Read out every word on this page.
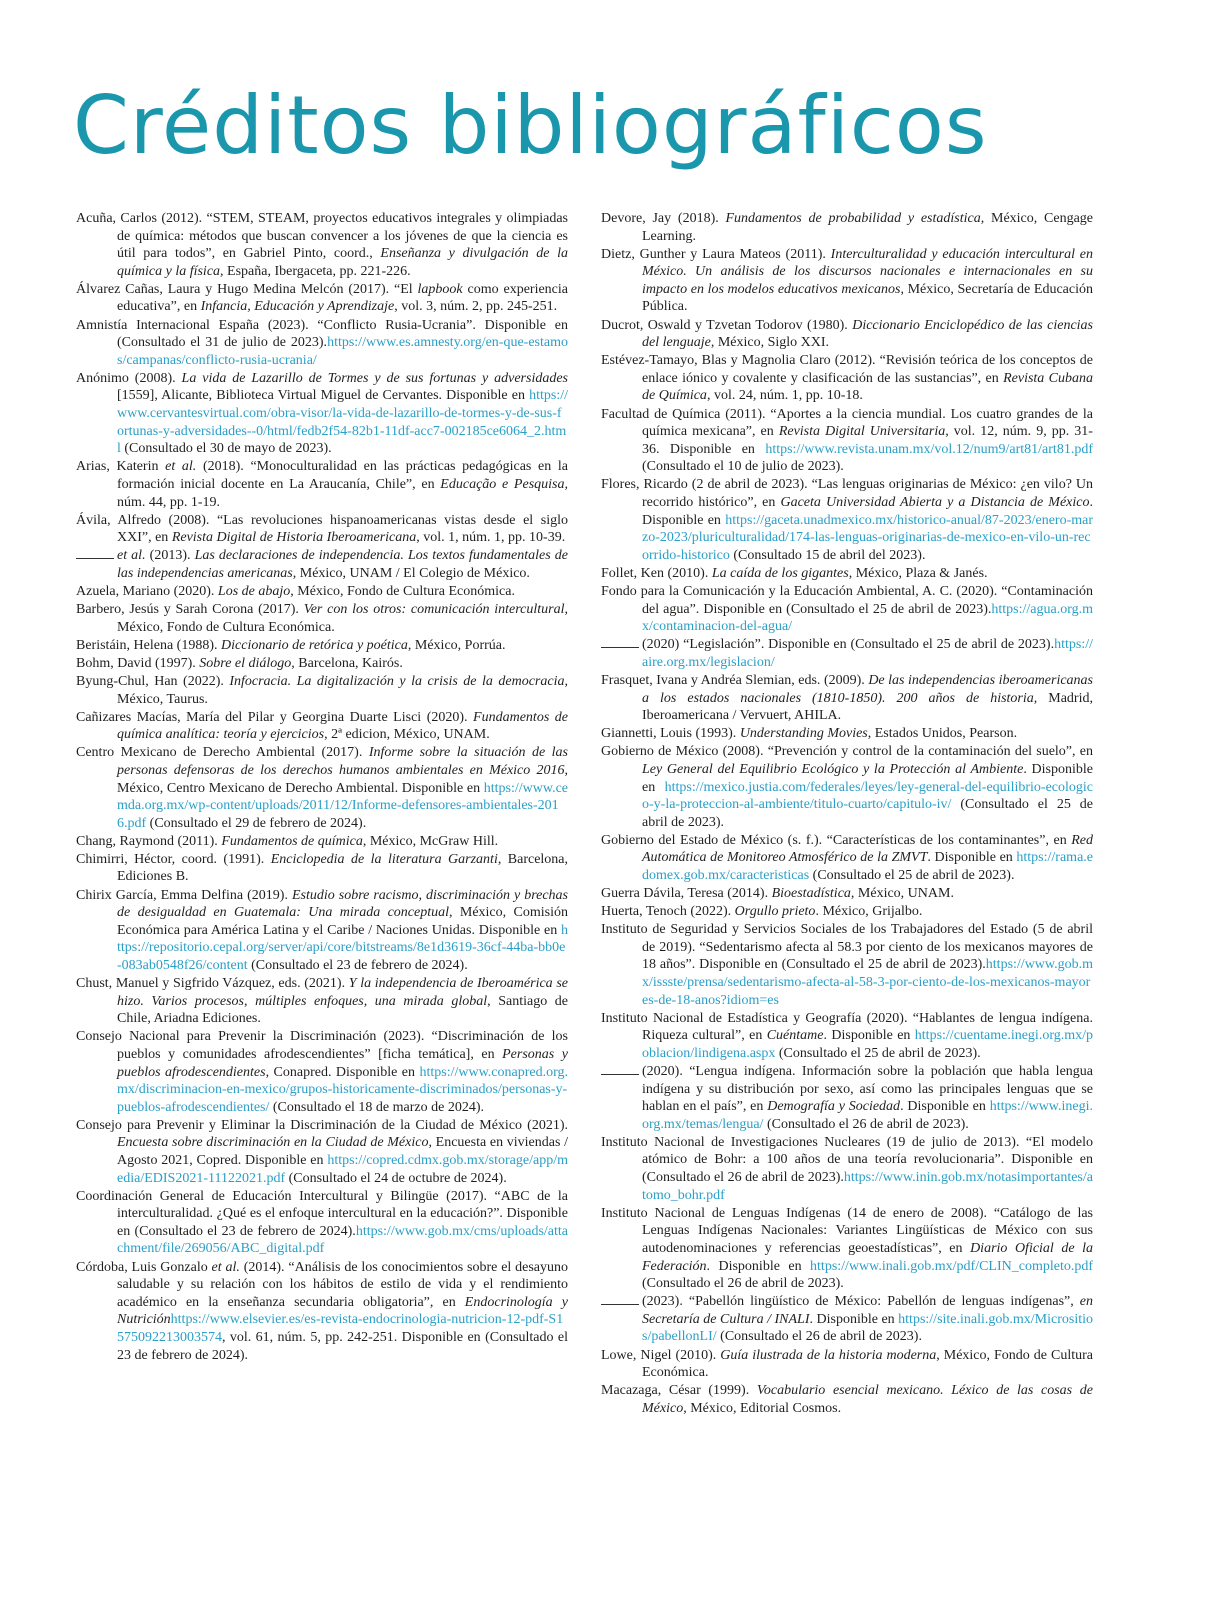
Créditos bibliográficos

Acuña, Carlos (2012). “STEM, STEAM, proyectos educativos integrales y olimpiadas de química: métodos que buscan convencer a los jóvenes de que la ciencia es útil para todos”, en Gabriel Pinto, coord., Enseñanza y divulgación de la química y la física, España, Ibergaceta, pp. 221-226.

Álvarez Cañas, Laura y Hugo Medina Melcón (2017). “El lapbook como experiencia educativa”, en Infancia, Educación y Aprendizaje, vol. 3, núm. 2, pp. 245-251.

Amnistía Internacional España (2023). “Conflicto Rusia-Ucrania”. Disponible en (Consultado el 31 de julio de 2023).https://www.es.amnesty.org/en-que-estamos/campanas/conflicto-rusia-ucrania/

Anónimo (2008). La vida de Lazarillo de Tormes y de sus fortunas y adversidades [1559], Alicante, Biblioteca Virtual Miguel de Cervantes. Disponible en https://www.cervantesvirtual.com/obra-visor/la-vida-de-lazarillo-de-tormes-y-de-sus-fortunas-y-adversidades--0/html/fedb2f54-82b1-11df-acc7-002185ce6064_2.html (Consultado el 30 de mayo de 2023).

Arias, Katerin et al. (2018). “Monoculturalidad en las prácticas pedagógicas en la formación inicial docente en La Araucanía, Chile”, en Educação e Pesquisa, núm. 44, pp. 1-19.

Ávila, Alfredo (2008). “Las revoluciones hispanoamericanas vistas desde el siglo XXI”, en Revista Digital de Historia Iberoamericana, vol. 1, núm. 1, pp. 10-39.

et al. (2013). Las declaraciones de independencia. Los textos fundamentales de las independencias americanas, México, UNAM / El Colegio de México.

Azuela, Mariano (2020). Los de abajo, México, Fondo de Cultura Económica.

Barbero, Jesús y Sarah Corona (2017). Ver con los otros: comunicación intercultural, México, Fondo de Cultura Económica.

Beristáin, Helena (1988). Diccionario de retórica y poética, México, Porrúa.

Bohm, David (1997). Sobre el diálogo, Barcelona, Kairós.

Byung-Chul, Han (2022). Infocracia. La digitalización y la crisis de la democracia, México, Taurus.

Cañizares Macías, María del Pilar y Georgina Duarte Lisci (2020). Fundamentos de química analítica: teoría y ejercicios, 2ª edicion, México, UNAM.

Centro Mexicano de Derecho Ambiental (2017). Informe sobre la situación de las personas defensoras de los derechos humanos ambientales en México 2016, México, Centro Mexicano de Derecho Ambiental. Disponible en https://www.cemda.org.mx/wp-content/uploads/2011/12/Informe-defensores-ambientales-2016.pdf (Consultado el 29 de febrero de 2024).

Chang, Raymond (2011). Fundamentos de química, México, McGraw Hill.

Chimirri, Héctor, coord. (1991). Enciclopedia de la literatura Garzanti, Barcelona, Ediciones B.

Chirix García, Emma Delfina (2019). Estudio sobre racismo, discriminación y brechas de desigualdad en Guatemala: Una mirada conceptual, México, Comisión Económica para América Latina y el Caribe / Naciones Unidas. Disponible en https://repositorio.cepal.org/server/api/core/bitstreams/8e1d3619-36cf-44ba-bb0e-083ab0548f26/content (Consultado el 23 de febrero de 2024).

Chust, Manuel y Sigfrido Vázquez, eds. (2021). Y la independencia de Iberoamérica se hizo. Varios procesos, múltiples enfoques, una mirada global, Santiago de Chile, Ariadna Ediciones.

Consejo Nacional para Prevenir la Discriminación (2023). “Discriminación de los pueblos y comunidades afrodescendientes” [ficha temática], en Personas y pueblos afrodescendientes, Conapred. Disponible en https://www.conapred.org.mx/discriminacion-en-mexico/grupos-historicamente-discriminados/personas-y-pueblos-afrodescendientes/ (Consultado el 18 de marzo de 2024).

Consejo para Prevenir y Eliminar la Discriminación de la Ciudad de México (2021). Encuesta sobre discriminación en la Ciudad de México, Encuesta en viviendas / Agosto 2021, Copred. Disponible en https://copred.cdmx.gob.mx/storage/app/media/EDIS2021-11122021.pdf (Consultado el 24 de octubre de 2024).

Coordinación General de Educación Intercultural y Bilingüe (2017). “ABC de la interculturalidad. ¿Qué es el enfoque intercultural en la educación?”. Disponible en (Consultado el 23 de febrero de 2024).https://www.gob.mx/cms/uploads/attachment/file/269056/ABC_digital.pdf

Córdoba, Luis Gonzalo et al. (2014). “Análisis de los conocimientos sobre el desayuno saludable y su relación con los hábitos de estilo de vida y el rendimiento académico en la enseñanza secundaria obligatoria”, en Endocrinología y Nutriciónhttps://www.elsevier.es/es-revista-endocrinologia-nutricion-12-pdf-S1575092213003574, vol. 61, núm. 5, pp. 242-251. Disponible en (Consultado el 23 de febrero de 2024).

Devore, Jay (2018). Fundamentos de probabilidad y estadística, México, Cengage Learning.

Dietz, Gunther y Laura Mateos (2011). Interculturalidad y educación intercultural en México. Un análisis de los discursos nacionales e internacionales en su impacto en los modelos educativos mexicanos, México, Secretaría de Educación Pública.

Ducrot, Oswald y Tzvetan Todorov (1980). Diccionario Enciclopédico de las ciencias del lenguaje, México, Siglo XXI.

Estévez-Tamayo, Blas y Magnolia Claro (2012). “Revisión teórica de los conceptos de enlace iónico y covalente y clasificación de las sustancias”, en Revista Cubana de Química, vol. 24, núm. 1, pp. 10-18.

Facultad de Química (2011). “Aportes a la ciencia mundial. Los cuatro grandes de la química mexicana”, en Revista Digital Universitaria, vol. 12, núm. 9, pp. 31- 36. Disponible en https://www.revista.unam.mx/vol.12/num9/art81/art81.pdf (Consultado el 10 de julio de 2023).

Flores, Ricardo (2 de abril de 2023). “Las lenguas originarias de México: ¿en vilo? Un recorrido histórico”, en Gaceta Universidad Abierta y a Distancia de México. Disponible en https://gaceta.unadmexico.mx/historico-anual/87-2023/enero-marzo-2023/pluriculturalidad/174-las-lenguas-originarias-de-mexico-en-vilo-un-recorrido-historico (Consultado 15 de abril del 2023).

Follet, Ken (2010). La caída de los gigantes, México, Plaza & Janés.

Fondo para la Comunicación y la Educación Ambiental, A. C. (2020). “Contaminación del agua”. Disponible en (Consultado el 25 de abril de 2023).https://agua.org.mx/contaminacion-del-agua/

(2020) “Legislación”. Disponible en (Consultado el 25 de abril de 2023).https://aire.org.mx/legislacion/

Frasquet, Ivana y Andréa Slemian, eds. (2009). De las independencias iberoamericanas a los estados nacionales (1810-1850). 200 años de historia, Madrid, Iberoamericana / Vervuert, AHILA.

Giannetti, Louis (1993). Understanding Movies, Estados Unidos, Pearson.

Gobierno de México (2008). “Prevención y control de la contaminación del suelo”, en Ley General del Equilibrio Ecológico y la Protección al Ambiente. Disponible en https://mexico.justia.com/federales/leyes/ley-general-del-equilibrio-ecologico-y-la-proteccion-al-ambiente/titulo-cuarto/capitulo-iv/ (Consultado el 25 de abril de 2023).

Gobierno del Estado de México (s. f.). “Características de los contaminantes”, en Red Automática de Monitoreo Atmosférico de la ZMVT. Disponible en https://rama.edomex.gob.mx/caracteristicas (Consultado el 25 de abril de 2023).

Guerra Dávila, Teresa (2014). Bioestadística, México, UNAM.

Huerta, Tenoch (2022). Orgullo prieto. México, Grijalbo.

Instituto de Seguridad y Servicios Sociales de los Trabajadores del Estado (5 de abril de 2019). “Sedentarismo afecta al 58.3 por ciento de los mexicanos mayores de 18 años”. Disponible en (Consultado el 25 de abril de 2023).https://www.gob.mx/issste/prensa/sedentarismo-afecta-al-58-3-por-ciento-de-los-mexicanos-mayores-de-18-anos?idiom=es

Instituto Nacional de Estadística y Geografía (2020). “Hablantes de lengua indígena. Riqueza cultural”, en Cuéntame. Disponible en https://cuentame.inegi.org.mx/poblacion/lindigena.aspx (Consultado el 25 de abril de 2023).

(2020). “Lengua indígena. Información sobre la población que habla lengua indígena y su distribución por sexo, así como las principales lenguas que se hablan en el país”, en Demografía y Sociedad. Disponible en https://www.inegi.org.mx/temas/lengua/ (Consultado el 26 de abril de 2023).

Instituto Nacional de Investigaciones Nucleares (19 de julio de 2013). “El modelo atómico de Bohr: a 100 años de una teoría revolucionaria”. Disponible en (Consultado el 26 de abril de 2023).https://www.inin.gob.mx/notasimportantes/atomo_bohr.pdf

Instituto Nacional de Lenguas Indígenas (14 de enero de 2008). “Catálogo de las Lenguas Indígenas Nacionales: Variantes Lingüísticas de México con sus autodenominaciones y referencias geoestadísticas”, en Diario Oficial de la Federación. Disponible en https://www.inali.gob.mx/pdf/CLIN_completo.pdf (Consultado el 26 de abril de 2023).

(2023). “Pabellón lingüístico de México: Pabellón de lenguas indígenas”, en Secretaría de Cultura / INALI. Disponible en https://site.inali.gob.mx/Micrositios/pabellonLI/ (Consultado el 26 de abril de 2023).

Lowe, Nigel (2010). Guía ilustrada de la historia moderna, México, Fondo de Cultura Económica.

Macazaga, César (1999). Vocabulario esencial mexicano. Léxico de las cosas de México, México, Editorial Cosmos.
